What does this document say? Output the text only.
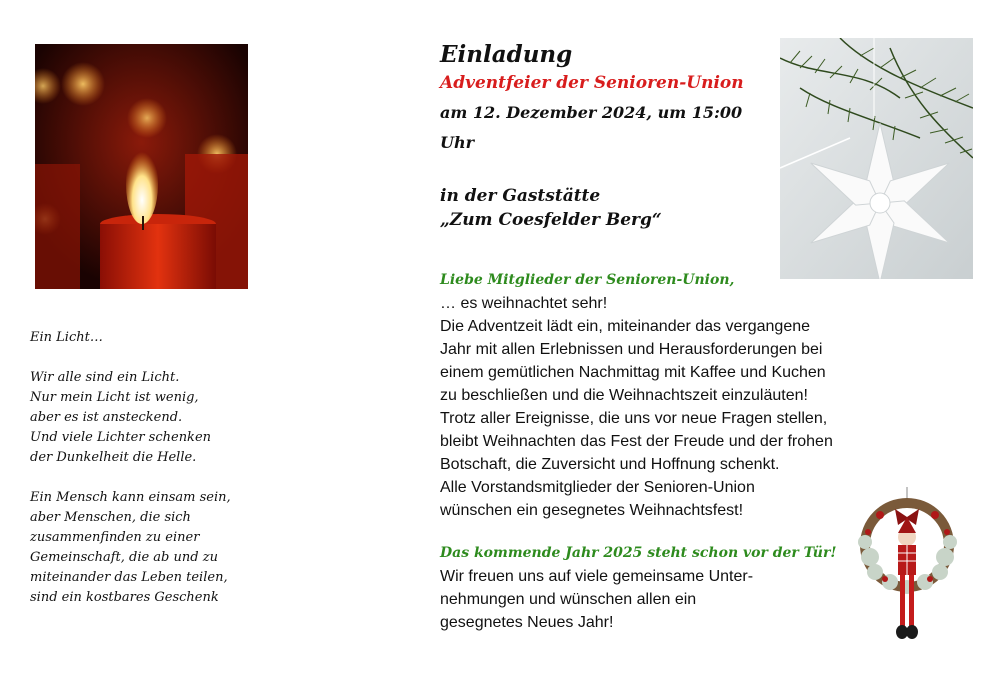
Ein Licht…
Wir alle sind ein Licht.
Nur mein Licht ist wenig,
aber es ist ansteckend.
Und viele Lichter schenken
der Dunkelheit die Helle.
Ein Mensch kann einsam sein,
aber Menschen, die sich
zusammenfinden zu einer
Gemeinschaft, die ab und zu
miteinander das Leben teilen,
sind ein kostbares Geschenk
Einladung
Adventfeier der Senioren-Union
am 12. Dezember 2024, um 15:00 Uhr
in der Gaststätte
„Zum Coesfelder Berg“
Liebe Mitglieder der Senioren-Union,
… es weihnachtet sehr!
Die Adventzeit lädt ein, miteinander das vergangene
Jahr mit allen Erlebnissen und Herausforderungen bei
einem gemütlichen Nachmittag mit Kaffee und Kuchen
zu beschließen und die Weihnachtszeit einzuläuten!
Trotz aller Ereignisse, die uns vor neue Fragen stellen,
bleibt Weihnachten das Fest der Freude und der frohen
Botschaft, die Zuversicht und Hoffnung schenkt.
Alle Vorstandsmitglieder der Senioren-Union
wünschen ein gesegnetes Weihnachtsfest!
Das kommende Jahr 2025 steht schon vor der Tür!
Wir freuen uns auf viele gemeinsame Unter-
nehmungen und wünschen allen ein
gesegnetes Neues Jahr!
